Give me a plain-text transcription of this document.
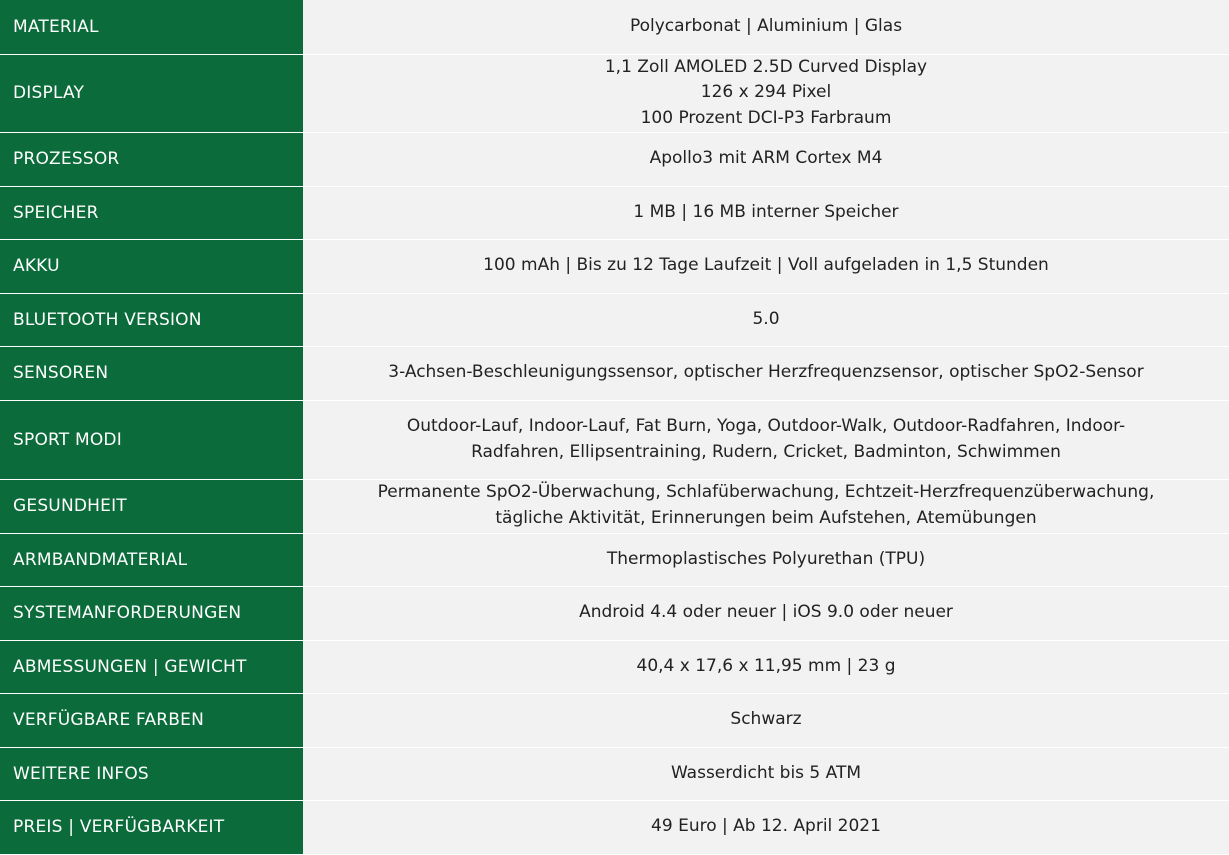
MATERIAL	Polycarbonat | Aluminium | Glas

DISPLAY	1,1 Zoll AMOLED 2.5D Curved Display
126 x 294 Pixel
100 Prozent DCI-P3 Farbraum

PROZESSOR	Apollo3 mit ARM Cortex M4

SPEICHER	1 MB | 16 MB interner Speicher

AKKU	100 mAh | Bis zu 12 Tage Laufzeit | Voll aufgeladen in 1,5 Stunden

BLUETOOTH VERSION	5.0

SENSOREN	3-Achsen-Beschleunigungssensor, optischer Herzfrequenzsensor, optischer SpO2-Sensor

SPORT MODI	Outdoor-Lauf, Indoor-Lauf, Fat Burn, Yoga, Outdoor-Walk, Outdoor-Radfahren, Indoor-
Radfahren, Ellipsentraining, Rudern, Cricket, Badminton, Schwimmen

GESUNDHEIT	Permanente SpO2-Überwachung, Schlafüberwachung, Echtzeit-Herzfrequenzüberwachung,
tägliche Aktivität, Erinnerungen beim Aufstehen, Atemübungen

ARMBANDMATERIAL	Thermoplastisches Polyurethan (TPU)

SYSTEMANFORDERUNGEN	Android 4.4 oder neuer | iOS 9.0 oder neuer

ABMESSUNGEN | GEWICHT	40,4 x 17,6 x 11,95 mm | 23 g

VERFÜGBARE FARBEN	Schwarz

WEITERE INFOS	Wasserdicht bis 5 ATM

PREIS | VERFÜGBARKEIT	49 Euro | Ab 12. April 2021
